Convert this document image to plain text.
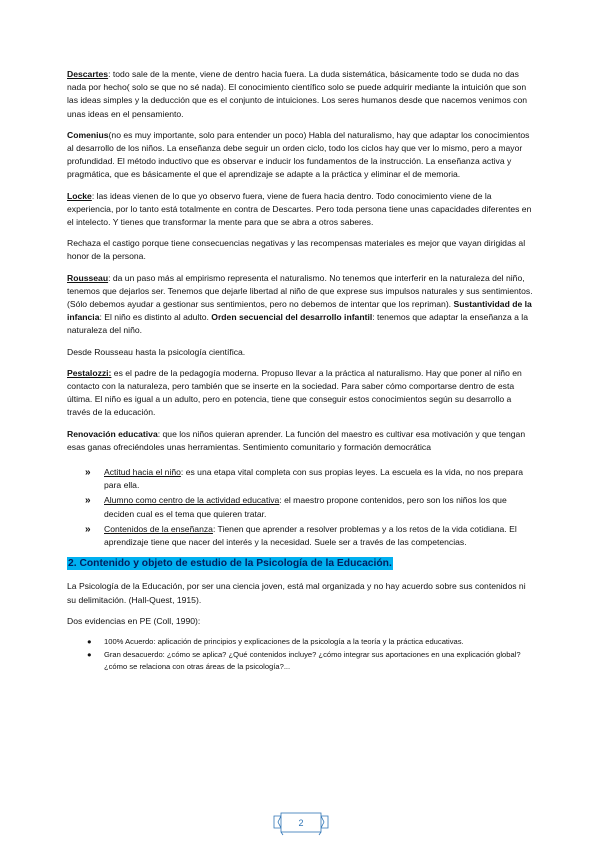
Descartes: todo sale de la mente, viene de dentro hacia fuera. La duda sistemática, básicamente todo se duda no das nada por hecho( solo se que no sé nada). El conocimiento científico solo se puede adquirir mediante la intuición que son las ideas simples y la deducción que es el conjunto de intuiciones. Los seres humanos desde que nacemos venimos con unas ideas en el pensamiento.

Comenius(no es muy importante, solo para entender un poco) Habla del naturalismo, hay que adaptar los conocimientos al desarrollo de los niños. La enseñanza debe seguir un orden ciclo, todo los ciclos hay que ver lo mismo, pero a mayor profundidad. El método inductivo que es observar e inducir los fundamentos de la instrucción. La enseñanza activa y pragmática, que es básicamente el que el aprendizaje se adapte a la práctica y eliminar el de memoria.

Locke: las ideas vienen de lo que yo observo fuera, viene de fuera hacia dentro. Todo conocimiento viene de la experiencia, por lo tanto está totalmente en contra de Descartes. Pero toda persona tiene unas capacidades diferentes en el intelecto. Y tienes que transformar la mente para que se abra a otros saberes.

Rechaza el castigo porque tiene consecuencias negativas y las recompensas materiales es mejor que vayan dirigidas al honor de la persona.

Rousseau: da un paso más al empirismo representa el naturalismo. No tenemos que interferir en la naturaleza del niño, tenemos que dejarlos ser. Tenemos que dejarle libertad al niño de que exprese sus impulsos naturales y sus sentimientos. (Sólo debemos ayudar a gestionar sus sentimientos, pero no debemos de intentar que los repriman). Sustantividad de la infancia: El niño es distinto al adulto. Orden secuencial del desarrollo infantil: tenemos que adaptar la enseñanza a la naturaleza del niño.

Desde Rousseau hasta la psicología científica.

Pestalozzi: es el padre de la pedagogía moderna. Propuso llevar a la práctica al naturalismo. Hay que poner al niño en contacto con la naturaleza, pero también que se inserte en la sociedad. Para saber cómo comportarse dentro de esta última. El niño es igual a un adulto, pero en potencia, tiene que conseguir estos conocimientos según su desarrollo a través de la educación.

Renovación educativa: que los niños quieran aprender. La función del maestro es cultivar esa motivación y que tengan esas ganas ofreciéndoles unas herramientas. Sentimiento comunitario y formación democrática

» Actitud hacia el niño: es una etapa vital completa con sus propias leyes. La escuela es la vida, no nos prepara para ella.
» Alumno como centro de la actividad educativa: el maestro propone contenidos, pero son los niños los que deciden cual es el tema que quieren tratar.
» Contenidos de la enseñanza: Tienen que aprender a resolver problemas y a los retos de la vida cotidiana. El aprendizaje tiene que nacer del interés y la necesidad. Suele ser a través de las competencias.
2. Contenido y objeto de estudio de la Psicología de la Educación.

La Psicología de la Educación, por ser una ciencia joven, está mal organizada y no hay acuerdo sobre sus contenidos ni su delimitación. (Hall-Quest, 1915).

Dos evidencias en PE (Coll, 1990):

● 100% Acuerdo: aplicación de principios y explicaciones de la psicología a la teoría y la práctica educativas.
● Gran desacuerdo: ¿cómo se aplica? ¿Qué contenidos incluye? ¿cómo integrar sus aportaciones en una explicación global? ¿cómo se relaciona con otras áreas de la psicología?...
2
